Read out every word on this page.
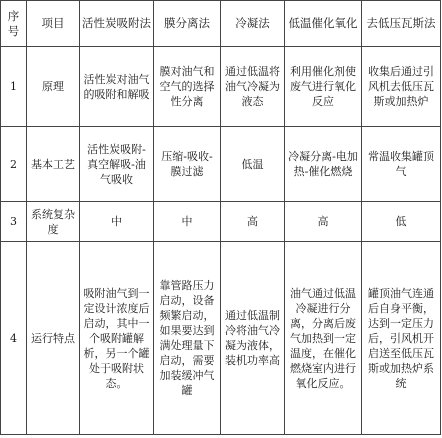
序号	项目	活性炭吸附法	膜分离法	冷凝法	低温催化氧化	去低压瓦斯法
1	原理	活性炭对油气的吸附和解吸	膜对油气和空气的选择性分离	通过低温将油气冷凝为液态	利用催化剂使废气进行氧化反应	收集后通过引风机去低压瓦斯或加热炉
2	基本工艺	活性炭吸附-真空解吸-油气吸收	压缩-吸收-膜过滤	低温	冷凝分离-电加热-催化燃烧	常温收集罐顶气
3	系统复杂度	中	中	高	高	低
4	运行特点	吸附油气到一定设计浓度后启动，其中一个吸附罐解析，另一个罐处于吸附状态。	靠管路压力启动，设备频繁启动，如果要达到满处理量下启动，需要加装缓冲气罐	通过低温制冷将油气冷凝为液体，装机功率高	油气通过低温冷凝进行分离，分离后废气加热到一定温度，在催化燃烧室内进行氧化反应。	罐顶油气连通后自身平衡，达到一定压力后，引风机开启送至低压瓦斯或加热炉系统
